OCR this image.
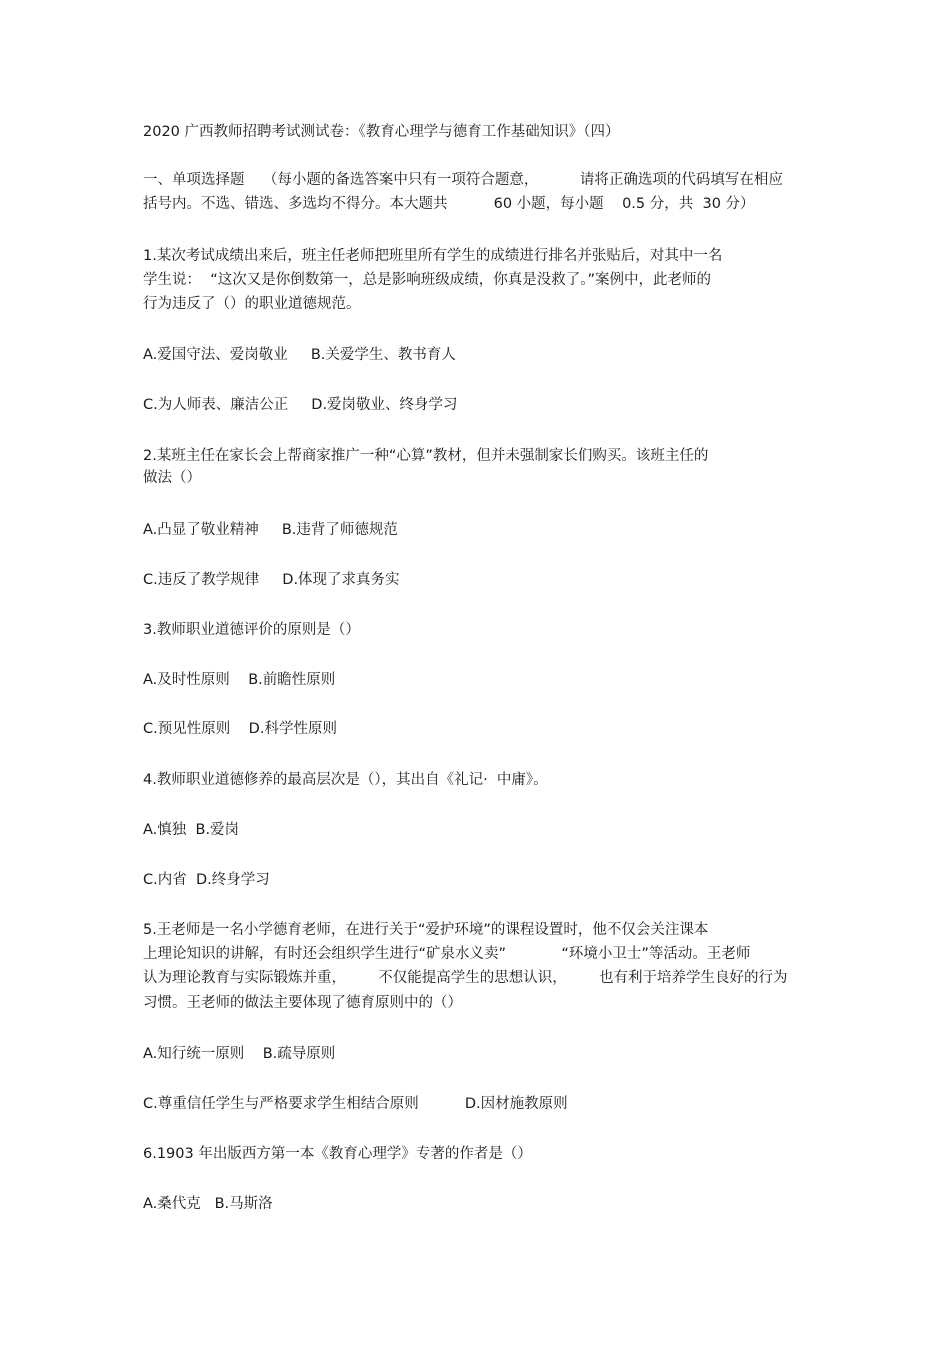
2020 广西教师招聘考试测试卷：《教育心理学与德育工作基础知识》（四）
一、单项选择题    （每小题的备选答案中只有一项符合题意，         请将正确选项的代码填写在相应
括号内。不选、错选、多选均不得分。本大题共          60 小题，每小题    0.5 分，共  30 分）
1.某次考试成绩出来后，班主任老师把班里所有学生的成绩进行排名并张贴后，对其中一名
学生说：  “这次又是你倒数第一，总是影响班级成绩，你真是没救了。”案例中，此老师的
行为违反了（）的职业道德规范。
A.爱国守法、爱岗敬业     B.关爱学生、教书育人
C.为人师表、廉洁公正     D.爱岗敬业、终身学习
2.某班主任在家长会上帮商家推广一种“心算”教材，但并未强制家长们购买。该班主任的
做法（）
A.凸显了敬业精神     B.违背了师德规范
C.违反了教学规律     D.体现了求真务实
3.教师职业道德评价的原则是（）
A.及时性原则    B.前瞻性原则
C.预见性原则    D.科学性原则
4.教师职业道德修养的最高层次是（），其出自《礼记·  中庸》。
A.慎独  B.爱岗
C.内省  D.终身学习
5.王老师是一名小学德育老师，在进行关于“爱护环境”的课程设置时，他不仅会关注课本
上理论知识的讲解，有时还会组织学生进行“矿泉水义卖”            “环境小卫士”等活动。王老师
认为理论教育与实际锻炼并重，       不仅能提高学生的思想认识，       也有利于培养学生良好的行为
习惯。王老师的做法主要体现了德育原则中的（）
A.知行统一原则    B.疏导原则
C.尊重信任学生与严格要求学生相结合原则          D.因材施教原则
6.1903 年出版西方第一本《教育心理学》专著的作者是（）
A.桑代克   B.马斯洛
